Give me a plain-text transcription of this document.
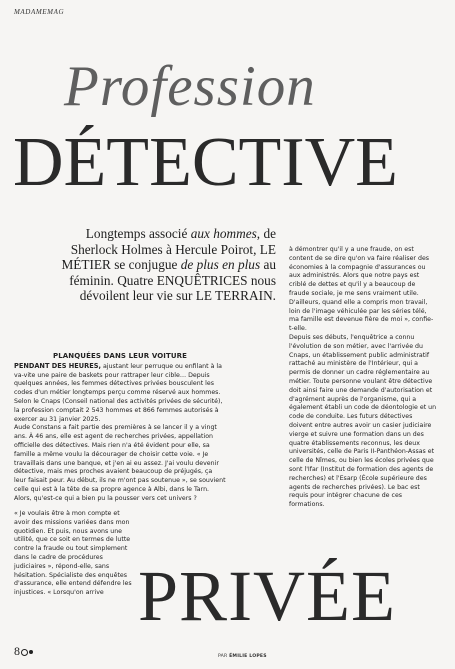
MADAMEMAG
Profession
DÉTECTIVE
Longtemps associé aux hommes, de Sherlock Holmes à Hercule Poirot, LE MÉTIER se conjugue de plus en plus au féminin. Quatre ENQUÊTRICES nous dévoilent leur vie sur LE TERRAIN.
PLANQUÉES DANS LEUR VOITURE

PENDANT DES HEURES, ajustant leur perruque ou enfilant à la va-vite une paire de baskets pour rattraper leur cible… Depuis quelques années, les femmes détectives privées bousculent les codes d'un métier longtemps perçu comme réservé aux hommes. Selon le Cnaps (Conseil national des activités privées de sécurité), la profession comptait 2 543 hommes et 866 femmes autorisés à exercer au 31 janvier 2025.

Aude Constans a fait partie des premières à se lancer il y a vingt ans. À 46 ans, elle est agent de recherches privées, appellation officielle des détectives. Mais rien n'a été évident pour elle, sa famille a même voulu la décourager de choisir cette voie. « Je travaillais dans une banque, et j'en ai eu assez. J'ai voulu devenir détective, mais mes proches avaient beaucoup de préjugés, ça leur faisait peur. Au début, ils ne m'ont pas soutenue », se souvient celle qui est à la tête de sa propre agence à Albi, dans le Tarn. Alors, qu'est-ce qui a bien pu la pousser vers cet univers ?

« Je voulais être à mon compte et avoir des missions variées dans mon quotidien. Et puis, nous avons une utilité, que ce soit en termes de lutte contre la fraude ou tout simplement dans le cadre de procédures judiciaires », répond-elle, sans hésitation. Spécialiste des enquêtes d'assurance, elle entend défendre les injustices. « Lorsqu'on arrive

à démontrer qu'il y a une fraude, on est content de se dire qu'on va faire réaliser des économies à la compagnie d'assurances ou aux administrés. Alors que notre pays est criblé de dettes et qu'il y a beaucoup de fraude sociale, je me sens vraiment utile. D'ailleurs, quand elle a compris mon travail, loin de l'image véhiculée par les séries télé, ma famille est devenue fière de moi », confie-t-elle.

Depuis ses débuts, l'enquêtrice a connu l'évolution de son métier, avec l'arrivée du Cnaps, un établissement public administratif rattaché au ministère de l'Intérieur, qui a permis de donner un cadre réglementaire au métier. Toute personne voulant être détective doit ainsi faire une demande d'autorisation et d'agrément auprès de l'organisme, qui a également établi un code de déontologie et un code de conduite. Les futurs détectives doivent entre autres avoir un casier judiciaire vierge et suivre une formation dans un des quatre établissements reconnus, les deux universités, celle de Paris II-Panthéon-Assas et celle de Nîmes, ou bien les écoles privées que sont l'Ifar (Institut de formation des agents de recherches) et l'Esarp (École supérieure des agents de recherches privées). Le bac est requis pour intégrer chacune de ces formations.

PRIVÉE
8	PAR ÉMILIE LOPES
